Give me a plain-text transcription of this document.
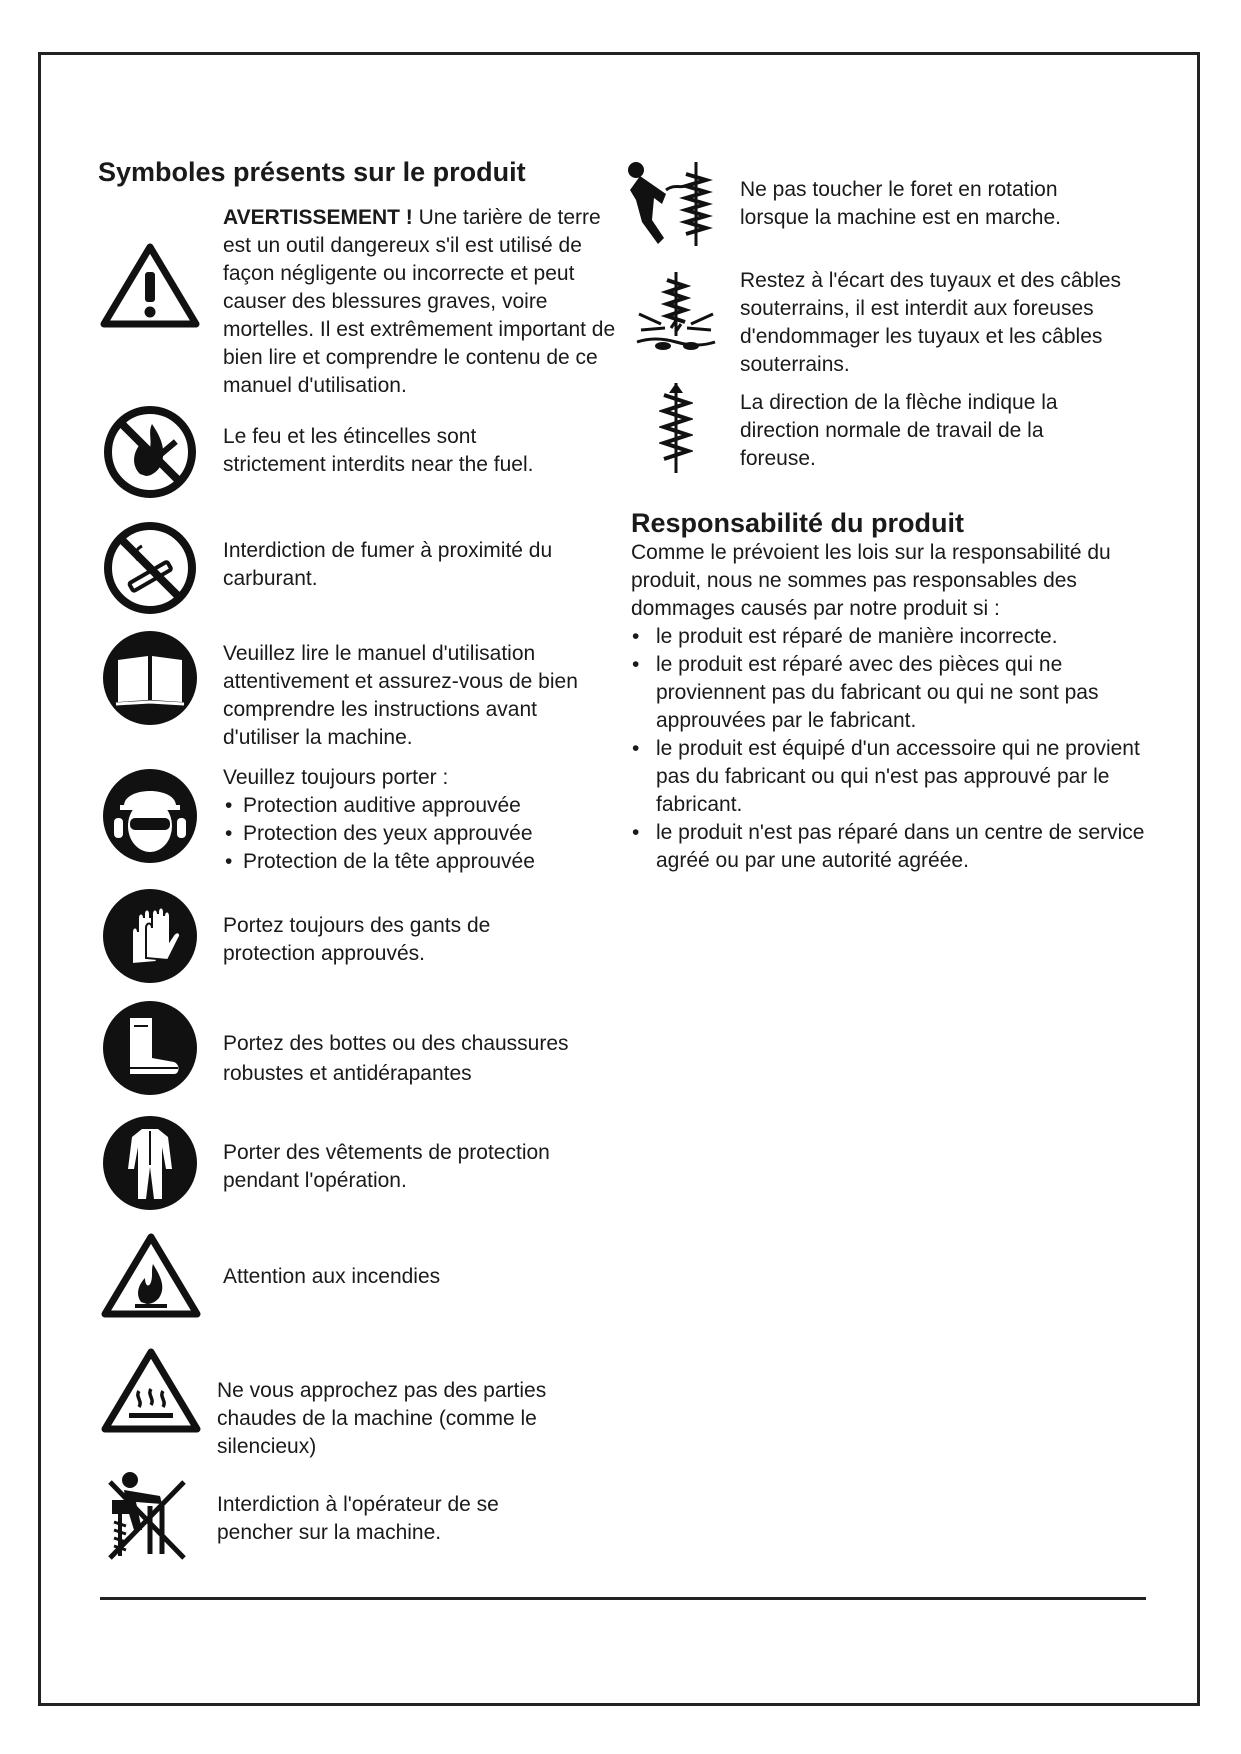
Symboles présents sur le produit
AVERTISSEMENT ! Une tarière de terre est un outil dangereux s'il est utilisé de façon négligente ou incorrecte et peut causer des blessures graves, voire mortelles. Il est extrêmement important de bien lire et comprendre le contenu de ce manuel d'utilisation.
Le feu et les étincelles sont strictement interdits near the fuel.
Interdiction de fumer à proximité du carburant.
Veuillez lire le manuel d'utilisation attentivement et assurez-vous de bien comprendre les instructions avant d'utiliser la machine.
Veuillez toujours porter :
• Protection auditive approuvée
• Protection des yeux approuvée
• Protection de la tête approuvée
Portez toujours des gants de protection approuvés.
Portez des bottes ou des chaussures robustes et antidérapantes
Porter des vêtements de protection pendant l'opération.
Attention aux incendies
Ne vous approchez pas des parties chaudes de la machine (comme le silencieux)
Interdiction à l'opérateur de se pencher sur la machine.
Ne pas toucher le foret en rotation lorsque la machine est en marche.
Restez à l'écart des tuyaux et des câbles souterrains, il est interdit aux foreuses d'endommager les tuyaux et les câbles souterrains.
La direction de la flèche indique la direction normale de travail de la foreuse.
Responsabilité du produit
Comme le prévoient les lois sur la responsabilité du produit, nous ne sommes pas responsables des dommages causés par notre produit si :
• le produit est réparé de manière incorrecte.
• le produit est réparé avec des pièces qui ne proviennent pas du fabricant ou qui ne sont pas approuvées par le fabricant.
• le produit est équipé d'un accessoire qui ne provient pas du fabricant ou qui n'est pas approuvé par le fabricant.
• le produit n'est pas réparé dans un centre de service agréé ou par une autorité agréée.
